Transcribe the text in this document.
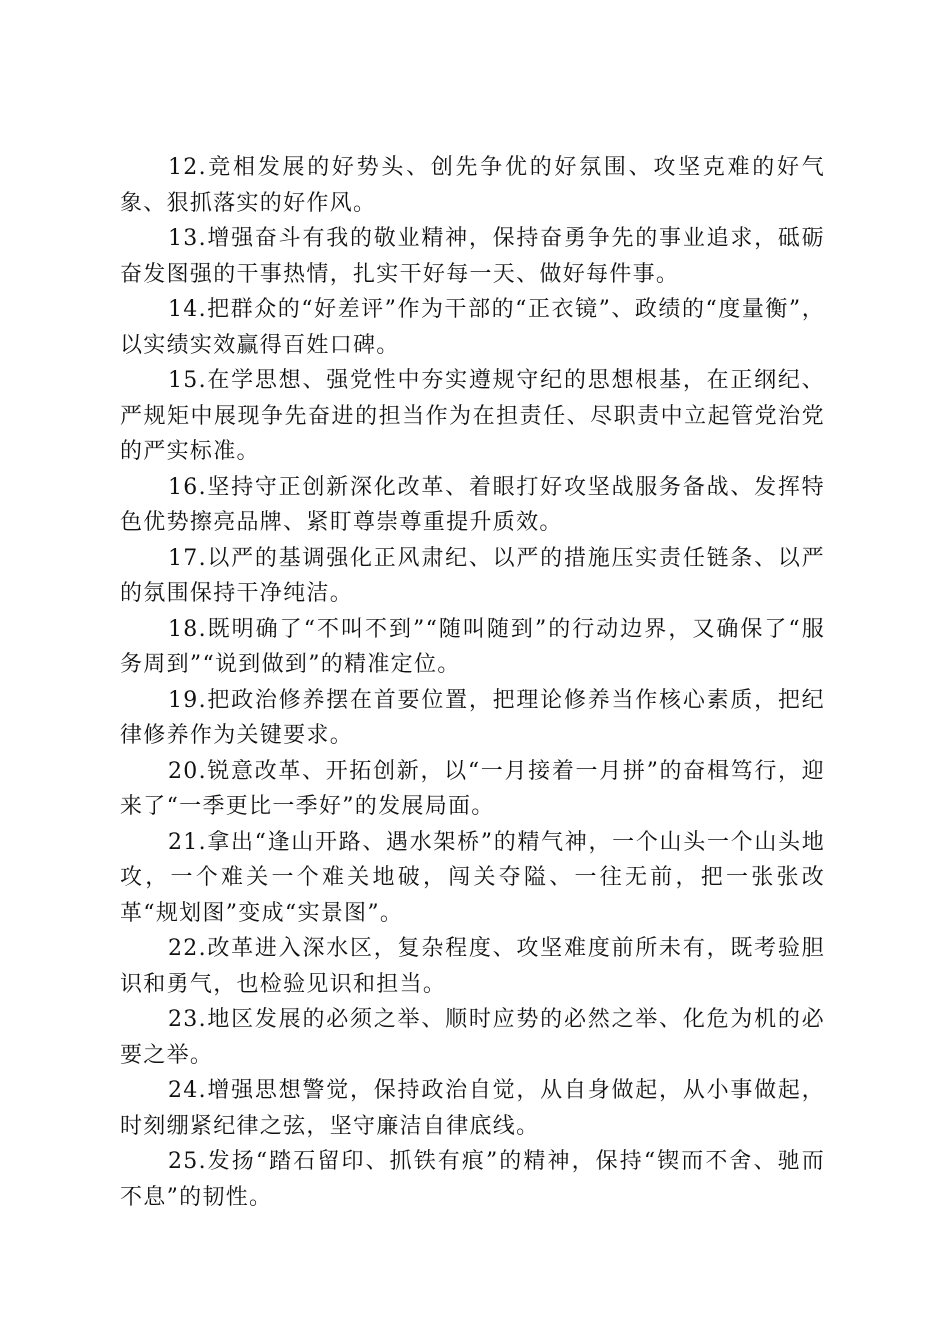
12.竞相发展的好势头、创先争优的好氛围、攻坚克难的好气象、狠抓落实的好作风。

13.增强奋斗有我的敬业精神，保持奋勇争先的事业追求，砥砺奋发图强的干事热情，扎实干好每一天、做好每件事。

14.把群众的“好差评”作为干部的“正衣镜”、政绩的“度量衡”，以实绩实效赢得百姓口碑。

15.在学思想、强党性中夯实遵规守纪的思想根基，在正纲纪、严规矩中展现争先奋进的担当作为在担责任、尽职责中立起管党治党的严实标准。

16.坚持守正创新深化改革、着眼打好攻坚战服务备战、发挥特色优势擦亮品牌、紧盯尊崇尊重提升质效。

17.以严的基调强化正风肃纪、以严的措施压实责任链条、以严的氛围保持干净纯洁。

18.既明确了“不叫不到”“随叫随到”的行动边界，又确保了“服务周到”“说到做到”的精准定位。

19.把政治修养摆在首要位置，把理论修养当作核心素质，把纪律修养作为关键要求。

20.锐意改革、开拓创新，以“一月接着一月拼”的奋楫笃行，迎来了“一季更比一季好”的发展局面。

21.拿出“逢山开路、遇水架桥”的精气神，一个山头一个山头地攻，一个难关一个难关地破，闯关夺隘、一往无前，把一张张改革“规划图”变成“实景图”。

22.改革进入深水区，复杂程度、攻坚难度前所未有，既考验胆识和勇气，也检验见识和担当。

23.地区发展的必须之举、顺时应势的必然之举、化危为机的必要之举。

24.增强思想警觉，保持政治自觉，从自身做起，从小事做起，时刻绷紧纪律之弦，坚守廉洁自律底线。

25.发扬“踏石留印、抓铁有痕”的精神，保持“锲而不舍、驰而不息”的韧性。
